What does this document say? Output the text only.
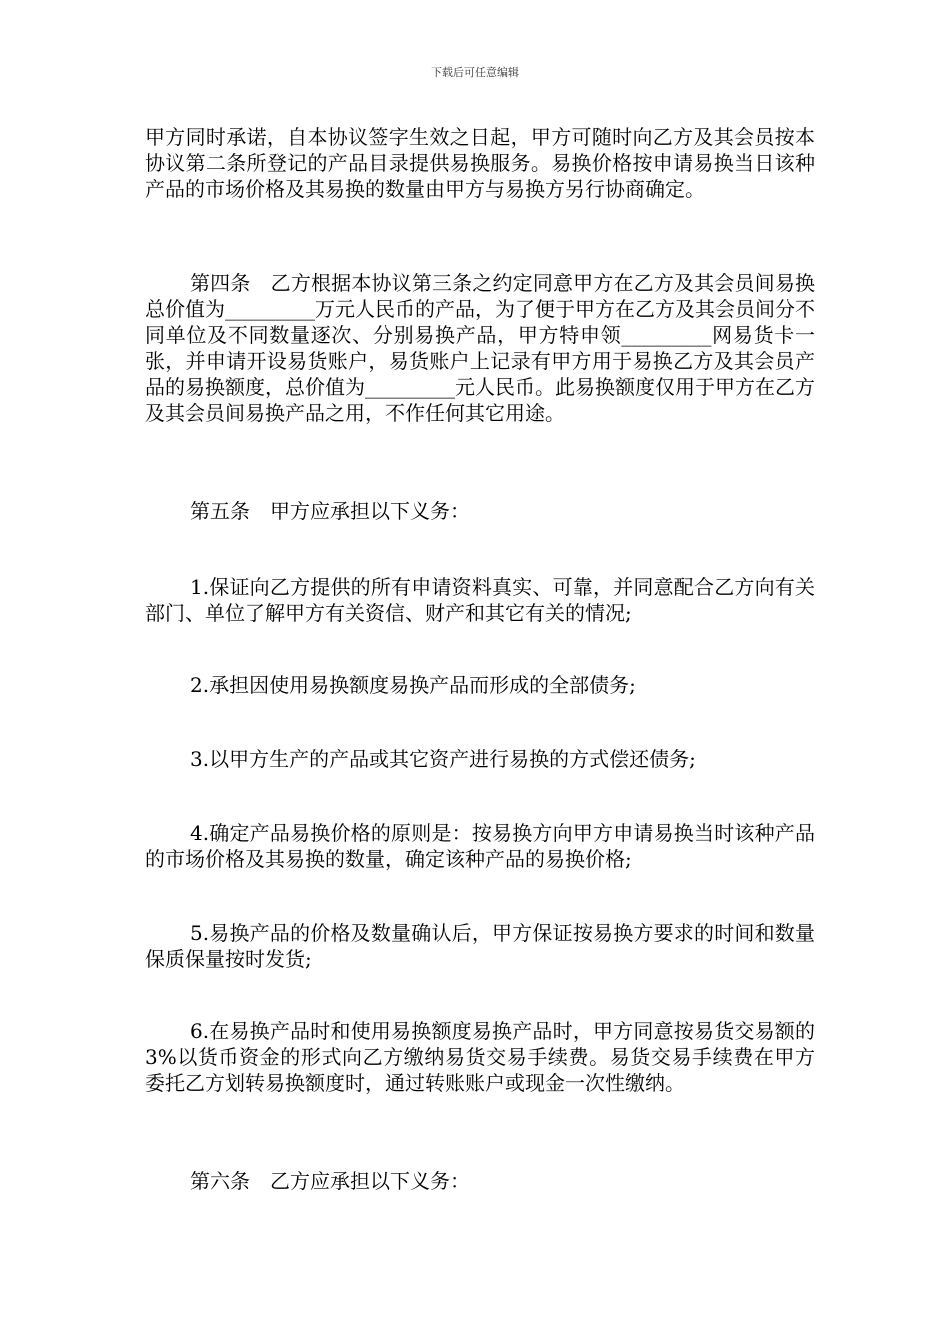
下载后可任意编辑

甲方同时承诺，自本协议签字生效之日起，甲方可随时向乙方及其会员按本协议第二条所登记的产品目录提供易换服务。易换价格按申请易换当日该种产品的市场价格及其易换的数量由甲方与易换方另行协商确定。

第四条 乙方根据本协议第三条之约定同意甲方在乙方及其会员间易换总价值为_________万元人民币的产品，为了便于甲方在乙方及其会员间分不同单位及不同数量逐次、分别易换产品，甲方特申领_________网易货卡一张，并申请开设易货账户，易货账户上记录有甲方用于易换乙方及其会员产品的易换额度，总价值为_________元人民币。此易换额度仅用于甲方在乙方及其会员间易换产品之用，不作任何其它用途。

第五条 甲方应承担以下义务：

1.保证向乙方提供的所有申请资料真实、可靠，并同意配合乙方向有关部门、单位了解甲方有关资信、财产和其它有关的情况;

2.承担因使用易换额度易换产品而形成的全部债务;

3.以甲方生产的产品或其它资产进行易换的方式偿还债务;

4.确定产品易换价格的原则是：按易换方向甲方申请易换当时该种产品的市场价格及其易换的数量，确定该种产品的易换价格;

5.易换产品的价格及数量确认后，甲方保证按易换方要求的时间和数量保质保量按时发货;

6.在易换产品时和使用易换额度易换产品时，甲方同意按易货交易额的3%以货币资金的形式向乙方缴纳易货交易手续费。易货交易手续费在甲方委托乙方划转易换额度时，通过转账账户或现金一次性缴纳。

第六条 乙方应承担以下义务：
